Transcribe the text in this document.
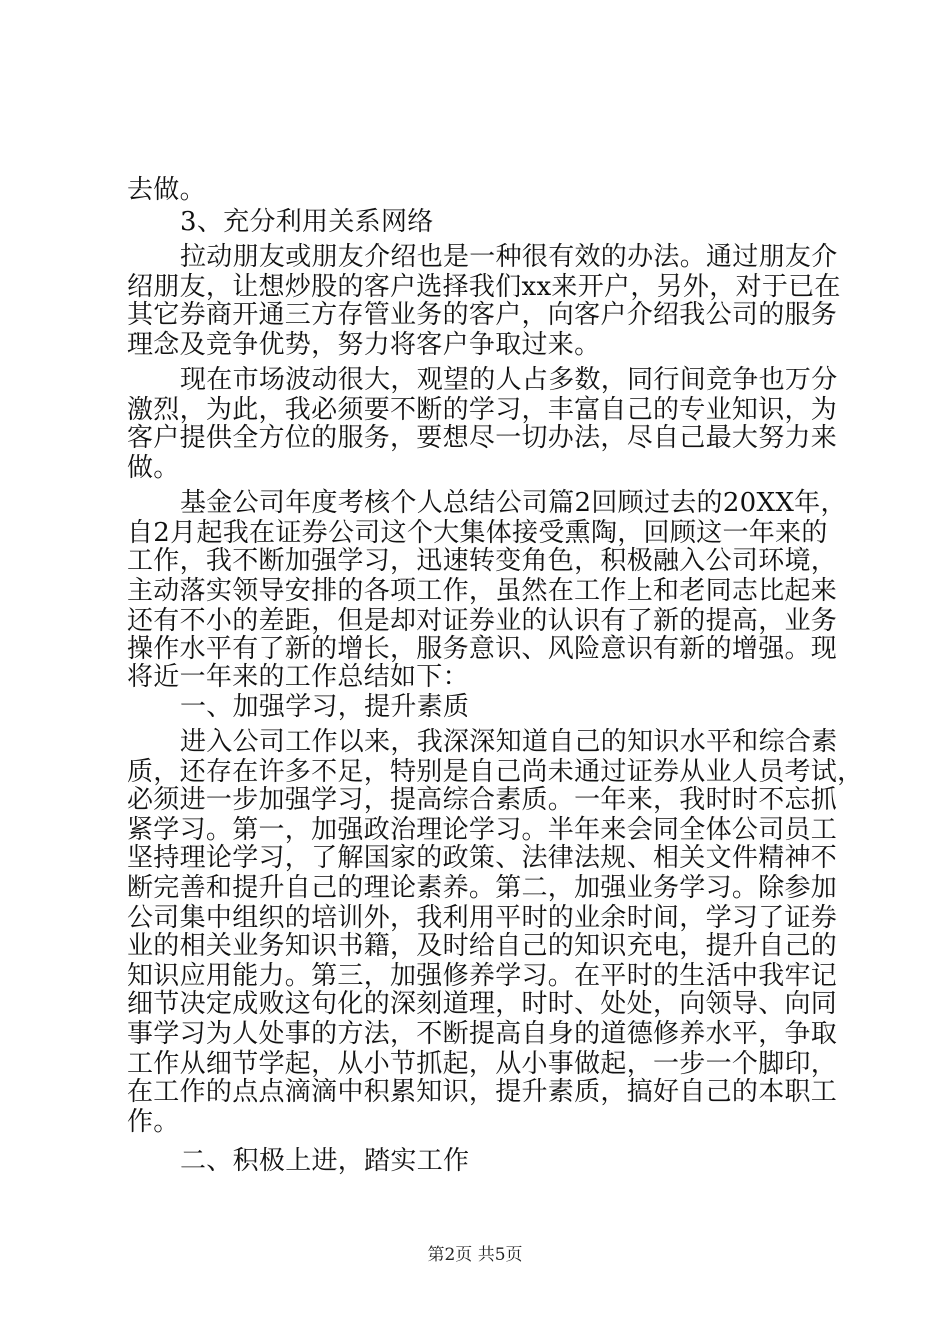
去做。
3、充分利用关系网络
拉动朋友或朋友介绍也是一种很有效的办法。通过朋友介
绍朋友，让想炒股的客户选择我们xx来开户，另外，对于已在
其它券商开通三方存管业务的客户，向客户介绍我公司的服务
理念及竞争优势，努力将客户争取过来。
现在市场波动很大，观望的人占多数，同行间竞争也万分
激烈，为此，我必须要不断的学习，丰富自己的专业知识，为
客户提供全方位的服务，要想尽一切办法，尽自己最大努力来
做。
基金公司年度考核个人总结公司篇2回顾过去的20XX年，
自2月起我在证券公司这个大集体接受熏陶，回顾这一年来的
工作，我不断加强学习，迅速转变角色，积极融入公司环境，
主动落实领导安排的各项工作，虽然在工作上和老同志比起来
还有不小的差距，但是却对证券业的认识有了新的提高，业务
操作水平有了新的增长，服务意识、风险意识有新的增强。现
将近一年来的工作总结如下：
一、加强学习，提升素质
进入公司工作以来，我深深知道自己的知识水平和综合素
质，还存在许多不足，特别是自己尚未通过证券从业人员考试，
必须进一步加强学习，提高综合素质。一年来，我时时不忘抓
紧学习。第一，加强政治理论学习。半年来会同全体公司员工
坚持理论学习，了解国家的政策、法律法规、相关文件精神不
断完善和提升自己的理论素养。第二，加强业务学习。除参加
公司集中组织的培训外，我利用平时的业余时间，学习了证券
业的相关业务知识书籍，及时给自己的知识充电，提升自己的
知识应用能力。第三，加强修养学习。在平时的生活中我牢记
细节决定成败这句化的深刻道理，时时、处处，向领导、向同
事学习为人处事的方法，不断提高自身的道德修养水平，争取
工作从细节学起，从小节抓起，从小事做起，一步一个脚印，
在工作的点点滴滴中积累知识，提升素质，搞好自己的本职工
作。
二、积极上进，踏实工作
第2页 共5页
